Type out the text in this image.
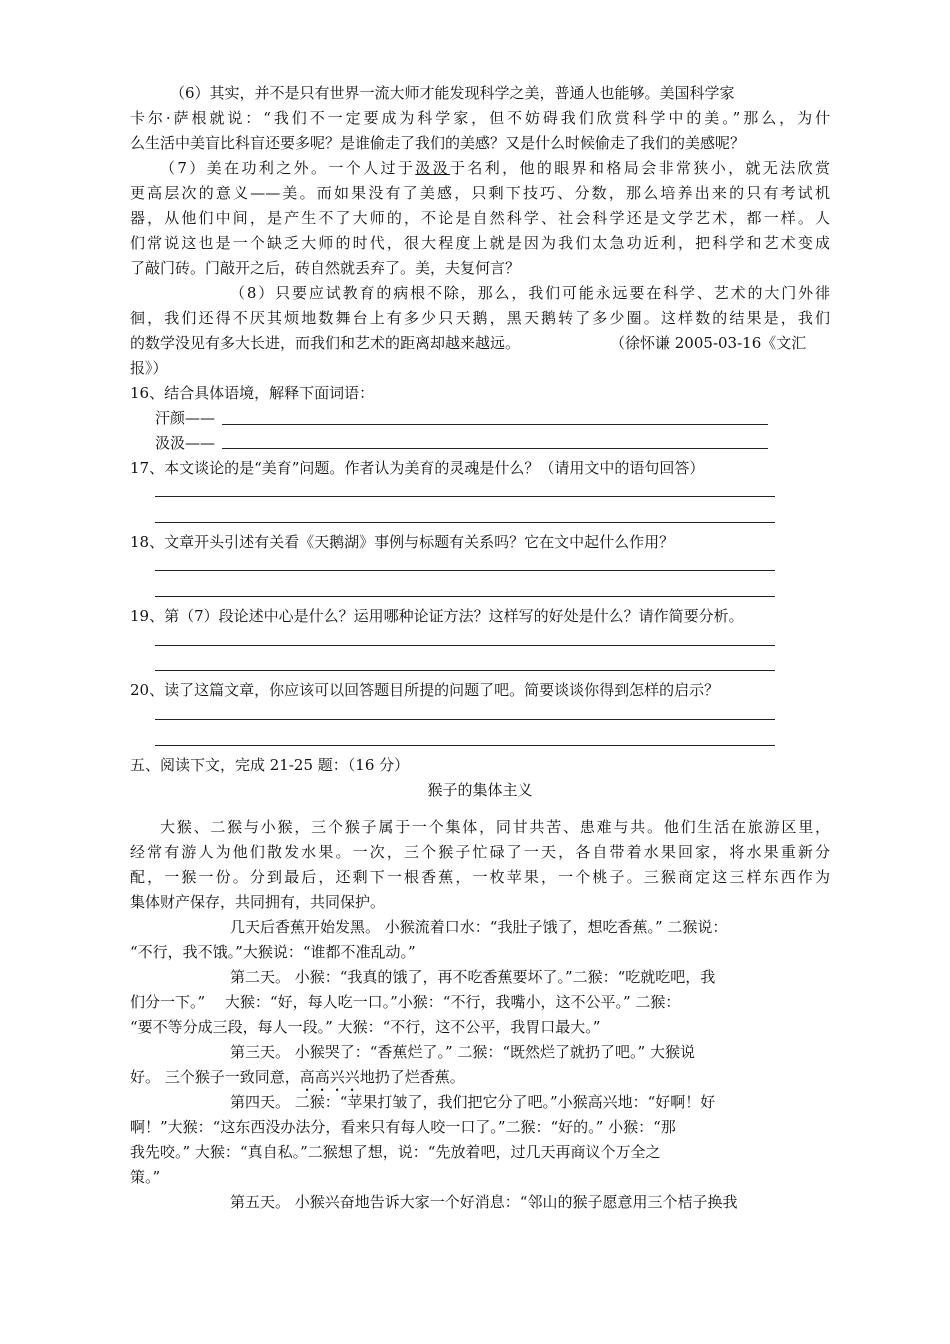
（6）其实，并不是只有世界一流大师才能发现科学之美，普通人也能够。美国科学家
卡尔·萨根就说：“我们不一定要成为科学家，但不妨碍我们欣赏科学中的美。”那么，为什
么生活中美盲比科盲还要多呢？是谁偷走了我们的美感？又是什么时候偷走了我们的美感呢？
（7）美在功利之外。一个人过于汲汲于名利，他的眼界和格局会非常狭小，就无法欣赏
更高层次的意义——美。而如果没有了美感，只剩下技巧、分数，那么培养出来的只有考试机
器，从他们中间，是产生不了大师的，不论是自然科学、社会科学还是文学艺术，都一样。人
们常说这也是一个缺乏大师的时代，很大程度上就是因为我们太急功近利，把科学和艺术变成
了敲门砖。门敲开之后，砖自然就丢弃了。美，夫复何言？
（8）只要应试教育的病根不除，那么，我们可能永远要在科学、艺术的大门外徘
徊，我们还得不厌其烦地数舞台上有多少只天鹅，黑天鹅转了多少圈。这样数的结果是，我们
的数学没见有多大长进，而我们和艺术的距离却越来越远。	（徐怀谦 2005-03-16《文汇
报》）
16、结合具体语境，解释下面词语：
汗颜——
汲汲——
17、本文谈论的是“美育”问题。作者认为美育的灵魂是什么？（请用文中的语句回答）
18、文章开头引述有关看《天鹅湖》事例与标题有关系吗？它在文中起什么作用？
19、第（7）段论述中心是什么？运用哪种论证方法？这样写的好处是什么？请作简要分析。
20、读了这篇文章，你应该可以回答题目所提的问题了吧。简要谈谈你得到怎样的启示？
五、阅读下文，完成 21-25 题：（16 分）
猴子的集体主义
大猴、二猴与小猴，三个猴子属于一个集体，同甘共苦、患难与共。他们生活在旅游区里，
经常有游人为他们散发水果。一次，三个猴子忙碌了一天，各自带着水果回家，将水果重新分
配，一猴一份。分到最后，还剩下一根香蕉，一枚苹果，一个桃子。三猴商定这三样东西作为
集体财产保存，共同拥有，共同保护。
几天后香蕉开始发黑。 小猴流着口水：“我肚子饿了，想吃香蕉。” 二猴说：
“不行，我不饿。”大猴说：“谁都不准乱动。”
第二天。 小猴：“我真的饿了，再不吃香蕉要坏了。”二猴：“吃就吃吧，我
们分一下。”　 大猴：“好，每人吃一口。”小猴：“不行，我嘴小，这不公平。” 二猴：
“要不等分成三段，每人一段。” 大猴：“不行，这不公平，我胃口最大。”
第三天。 小猴哭了：“香蕉烂了。” 二猴：“既然烂了就扔了吧。” 大猴说
好。 三个猴子一致同意，高高兴兴地扔了烂香蕉。
第四天。 二猴：“苹果打皱了，我们把它分了吧。”小猴高兴地：“好啊！好
啊！”大猴：“这东西没办法分，看来只有每人咬一口了。”二猴：“好的。” 小猴：“那
我先咬。” 大猴：“真自私。”二猴想了想，说：“先放着吧，过几天再商议个万全之
策。”
第五天。 小猴兴奋地告诉大家一个好消息：“邻山的猴子愿意用三个桔子换我
